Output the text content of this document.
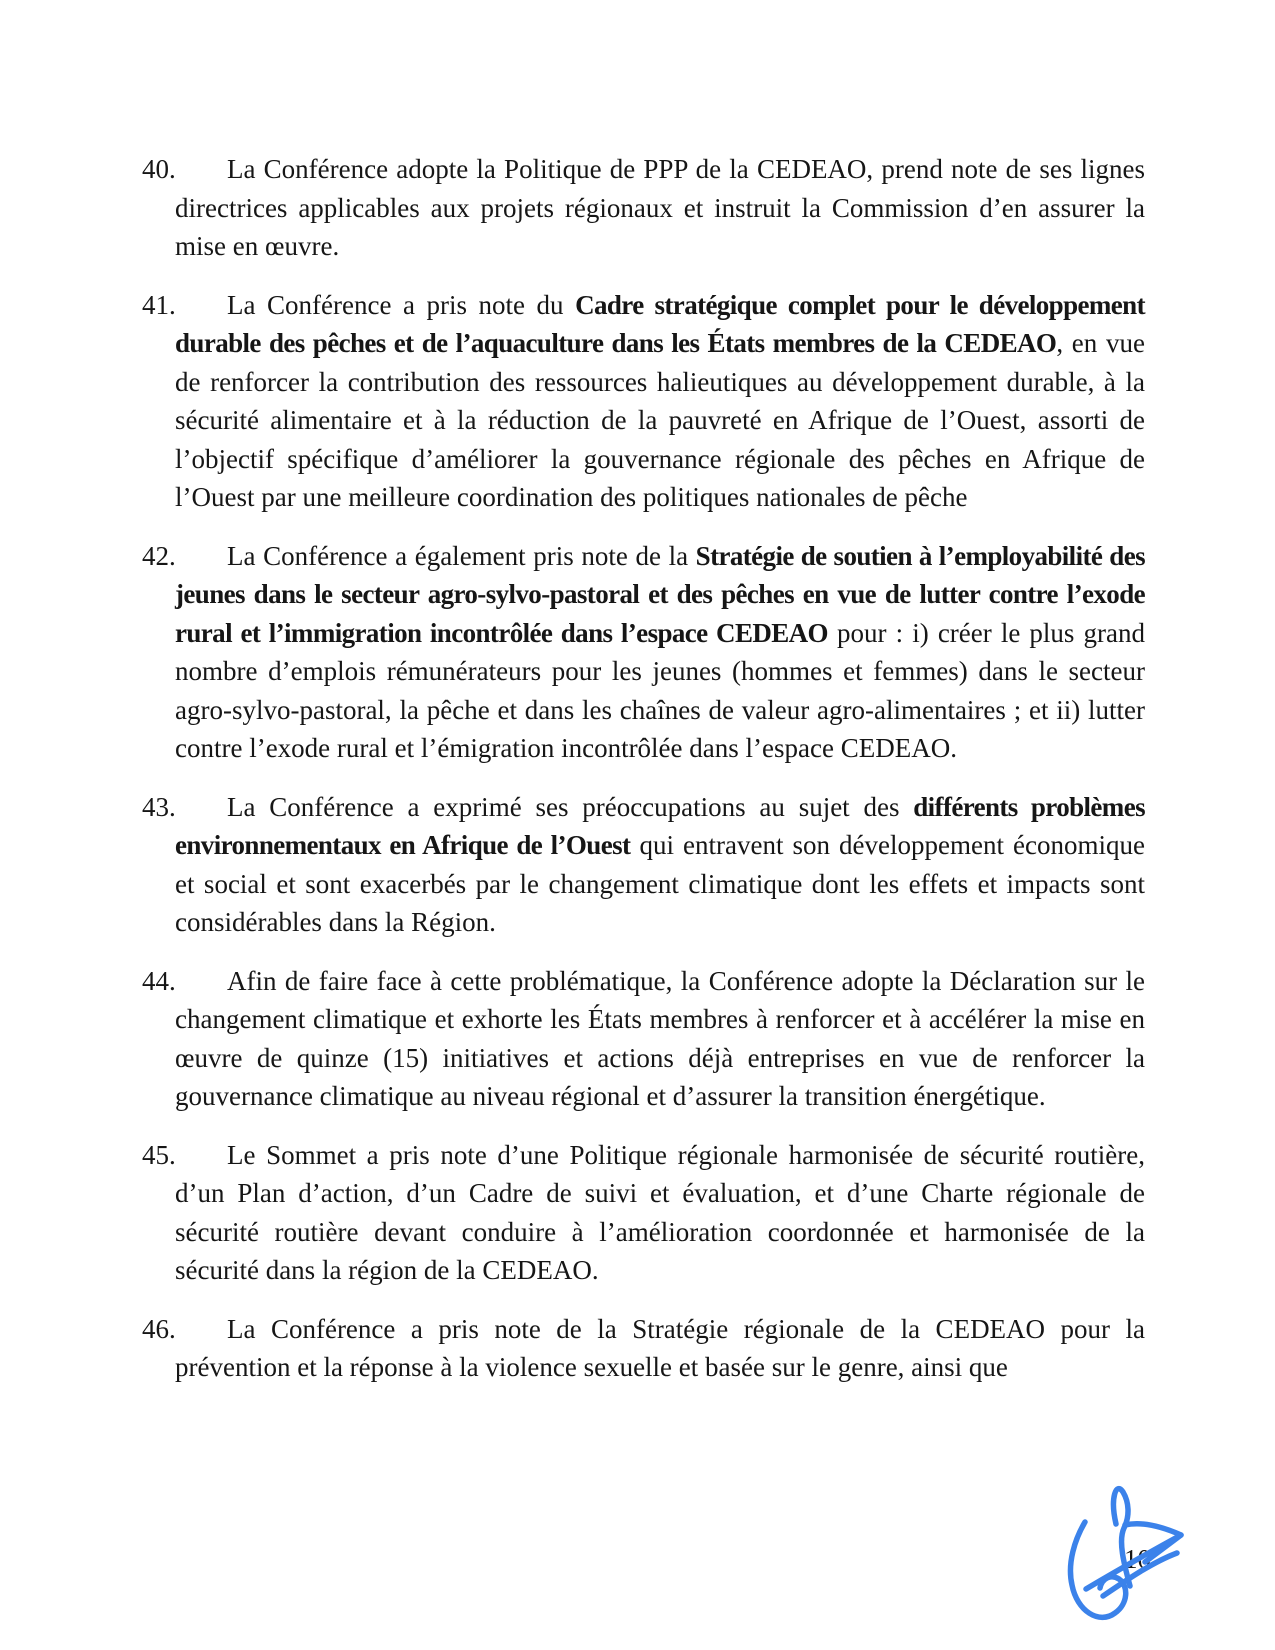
40. La Conférence adopte la Politique de PPP de la CEDEAO, prend note de ses lignes directrices applicables aux projets régionaux et instruit la Commission d’en assurer la mise en œuvre.
41. La Conférence a pris note du Cadre stratégique complet pour le développement durable des pêches et de l’aquaculture dans les États membres de la CEDEAO, en vue de renforcer la contribution des ressources halieutiques au développement durable, à la sécurité alimentaire et à la réduction de la pauvreté en Afrique de l’Ouest, assorti de l’objectif spécifique d’améliorer la gouvernance régionale des pêches en Afrique de l’Ouest par une meilleure coordination des politiques nationales de pêche
42. La Conférence a également pris note de la Stratégie de soutien à l’employabilité des jeunes dans le secteur agro-sylvo-pastoral et des pêches en vue de lutter contre l’exode rural et l’immigration incontrôlée dans l’espace CEDEAO pour : i) créer le plus grand nombre d’emplois rémunérateurs pour les jeunes (hommes et femmes) dans le secteur agro-sylvo-pastoral, la pêche et dans les chaînes de valeur agro-alimentaires ; et ii) lutter contre l’exode rural et l’émigration incontrôlée dans l’espace CEDEAO.
43. La Conférence a exprimé ses préoccupations au sujet des différents problèmes environnementaux en Afrique de l’Ouest qui entravent son développement économique et social et sont exacerbés par le changement climatique dont les effets et impacts sont considérables dans la Région.
44. Afin de faire face à cette problématique, la Conférence adopte la Déclaration sur le changement climatique et exhorte les États membres à renforcer et à accélérer la mise en œuvre de quinze (15) initiatives et actions déjà entreprises en vue de renforcer la gouvernance climatique au niveau régional et d’assurer la transition énergétique.
45. Le Sommet a pris note d’une Politique régionale harmonisée de sécurité routière, d’un Plan d’action, d’un Cadre de suivi et évaluation, et d’une Charte régionale de sécurité routière devant conduire à l’amélioration coordonnée et harmonisée de la sécurité dans la région de la CEDEAO.
46. La Conférence a pris note de la Stratégie régionale de la CEDEAO pour la prévention et la réponse à la violence sexuelle et basée sur le genre, ainsi que
10
